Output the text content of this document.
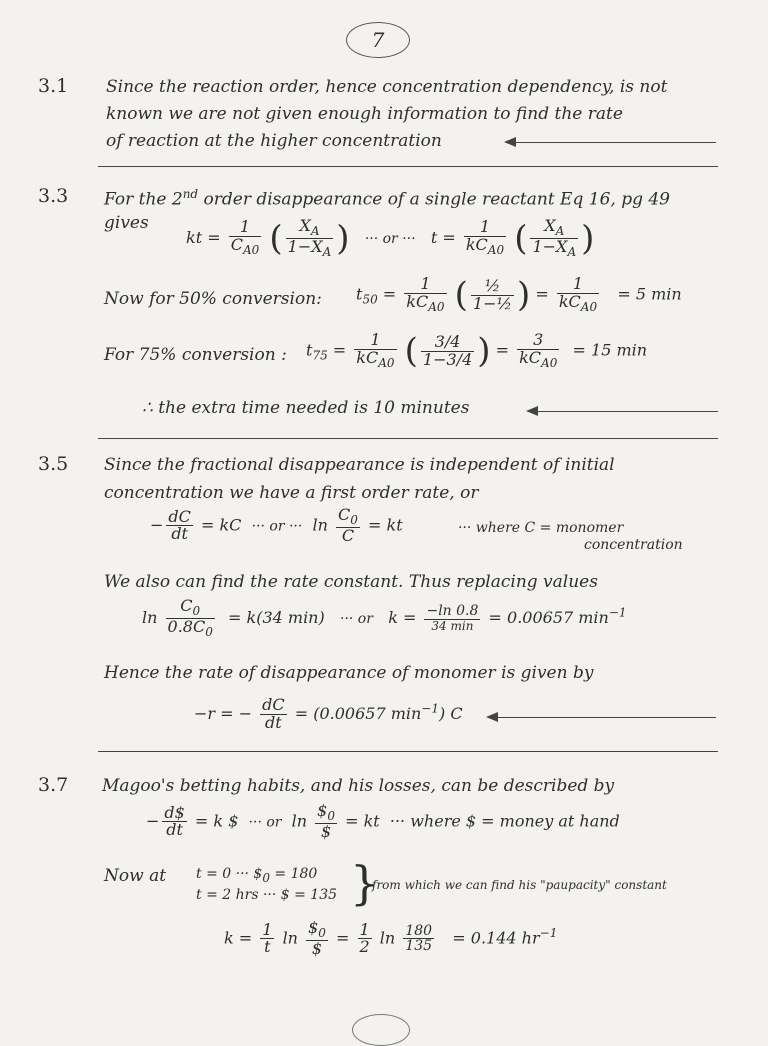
7
3.1 Since the reaction order, hence concentration dependency, is not
known we are not given enough information to find the rate
of reaction at the higher concentration
3.3 For the 2nd order disappearance of a single reactant Eq 16, pg 49
gives
kt = $\frac{1}{C_{A0}}$ ( $\frac{X_A}{1-X_A}$ ) ··· or ··· $t = \frac{1}{kC_{A0}}$ ( $\frac{X_A}{1-X_A}$ )
Now for 50% conversion: $t_{50} = \frac{1}{kC_{A0}}$ ( $\frac{\text{½}}{\text{1−½}}$ ) = $\frac{1}{kC_{A0}} = 5$ min
For 75% conversion : $t_{75} = \frac{1}{kC_{A0}}$ ( $\frac{3/4}{1-3/4}$ ) = $\frac{3}{kC_{A0}} = 15$ min
∴ the extra time needed is 10 minutes
3.5 Since the fractional disappearance is independent of initial
concentration we have a first order rate, or
− $\frac{dC}{dt}$ = kC ··· or ··· $\ln \frac{C_0}{C}$ = kt	··· where C = monomer
concentration
We also can find the rate constant. Thus replacing values
$\ln \frac{C_0}{0.8C_0} = k(34$ min) ··· or $k = \frac{-\ln 0.8}{34 \min} = 0.00657$ $\min^{-1}$
Hence the rate of disappearance of monomer is given by
−r = − $\frac{dC}{dt} = (0.00657$ $\min^{-1}$) C
3.7 Magoo's betting habits, and his losses, can be described by
− $\frac{d\$}{dt} = k$ $ ··· or $\ln \frac{\$_0}{\$}$ = kt ··· where $ = money at hand
Now at t = 0 ··· $\$_0 = 180$
t = 2 hrs ··· $ = 135 }
from which we can find his "paupacity" constant
$k = \frac{1}{t}$ $\ln \frac{\$_0}{\$} = \frac{1}{2}$ $\ln \frac{180}{135} = 0.144$ $hr^{-1}$
